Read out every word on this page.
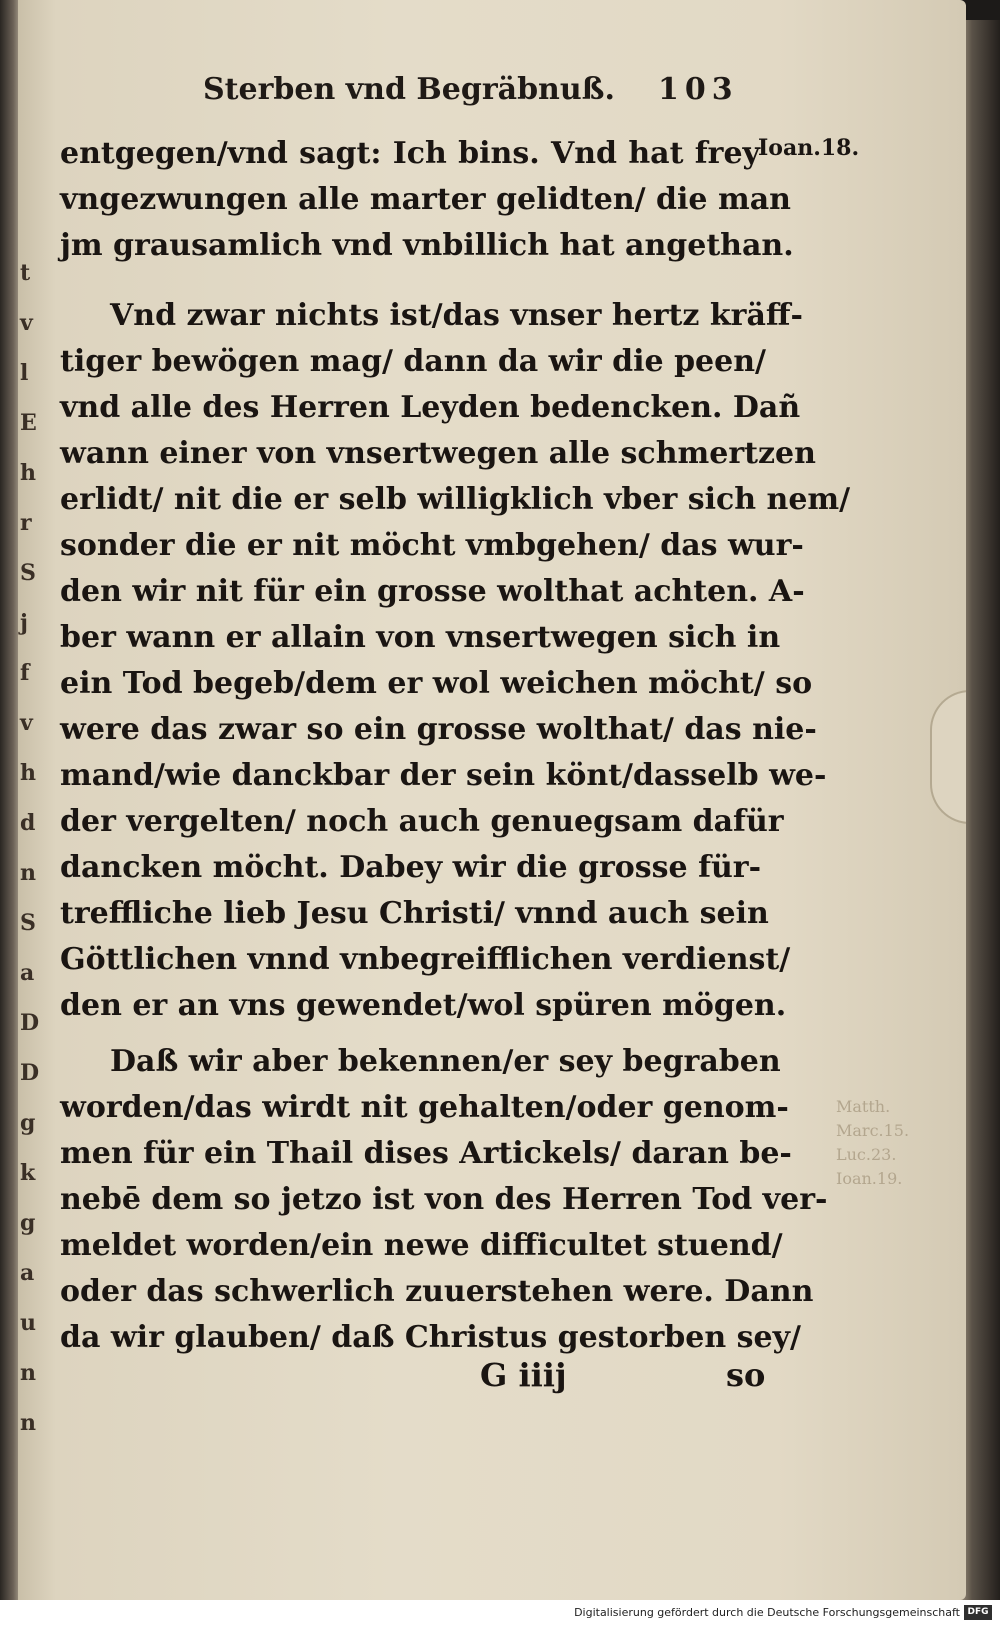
t
v
l
E
h
r
S
j
f
v
h
d
n
S
a
D
D
g
k
g
a
u
n
n
Sterben vnd Begräbnuß. 103
Ioan.18.
Matth.
Marc.15.
Luc.23.
Ioan.19.
entgegen/vnd sagt: Ich bins. Vnd hat frey
vngezwungen alle marter gelidten/ die man
jm grausamlich vnd vnbillich hat angethan.
Vnd zwar nichts ist/das vnser hertz kräff-
tiger bewögen mag/ dann da wir die peen/
vnd alle des Herren Leyden bedencken. Dañ
wann einer von vnsertwegen alle schmertzen
erlidt/ nit die er selb willigklich vber sich nem/
sonder die er nit möcht vmbgehen/ das wur-
den wir nit für ein grosse wolthat achten. A-
ber wann er allain von vnsertwegen sich in
ein Tod begeb/dem er wol weichen möcht/ so
were das zwar so ein grosse wolthat/ das nie-
mand/wie danckbar der sein könt/dasselb we-
der vergelten/ noch auch genuegsam dafür
dancken möcht. Dabey wir die grosse für-
treffliche lieb Jesu Christi/ vnnd auch sein
Göttlichen vnnd vnbegreifflichen verdienst/
den er an vns gewendet/wol spüren mögen.
Daß wir aber bekennen/er sey begraben
worden/das wirdt nit gehalten/oder genom-
men für ein Thail dises Artickels/ daran be-
nebē dem so jetzo ist von des Herren Tod ver-
meldet worden/ein newe difficultet stuend/
oder das schwerlich zuuerstehen were. Dann
da wir glauben/ daß Christus gestorben sey/
G iiij	so
Digitalisierung gefördert durch die Deutsche Forschungsgemeinschaft DFG
